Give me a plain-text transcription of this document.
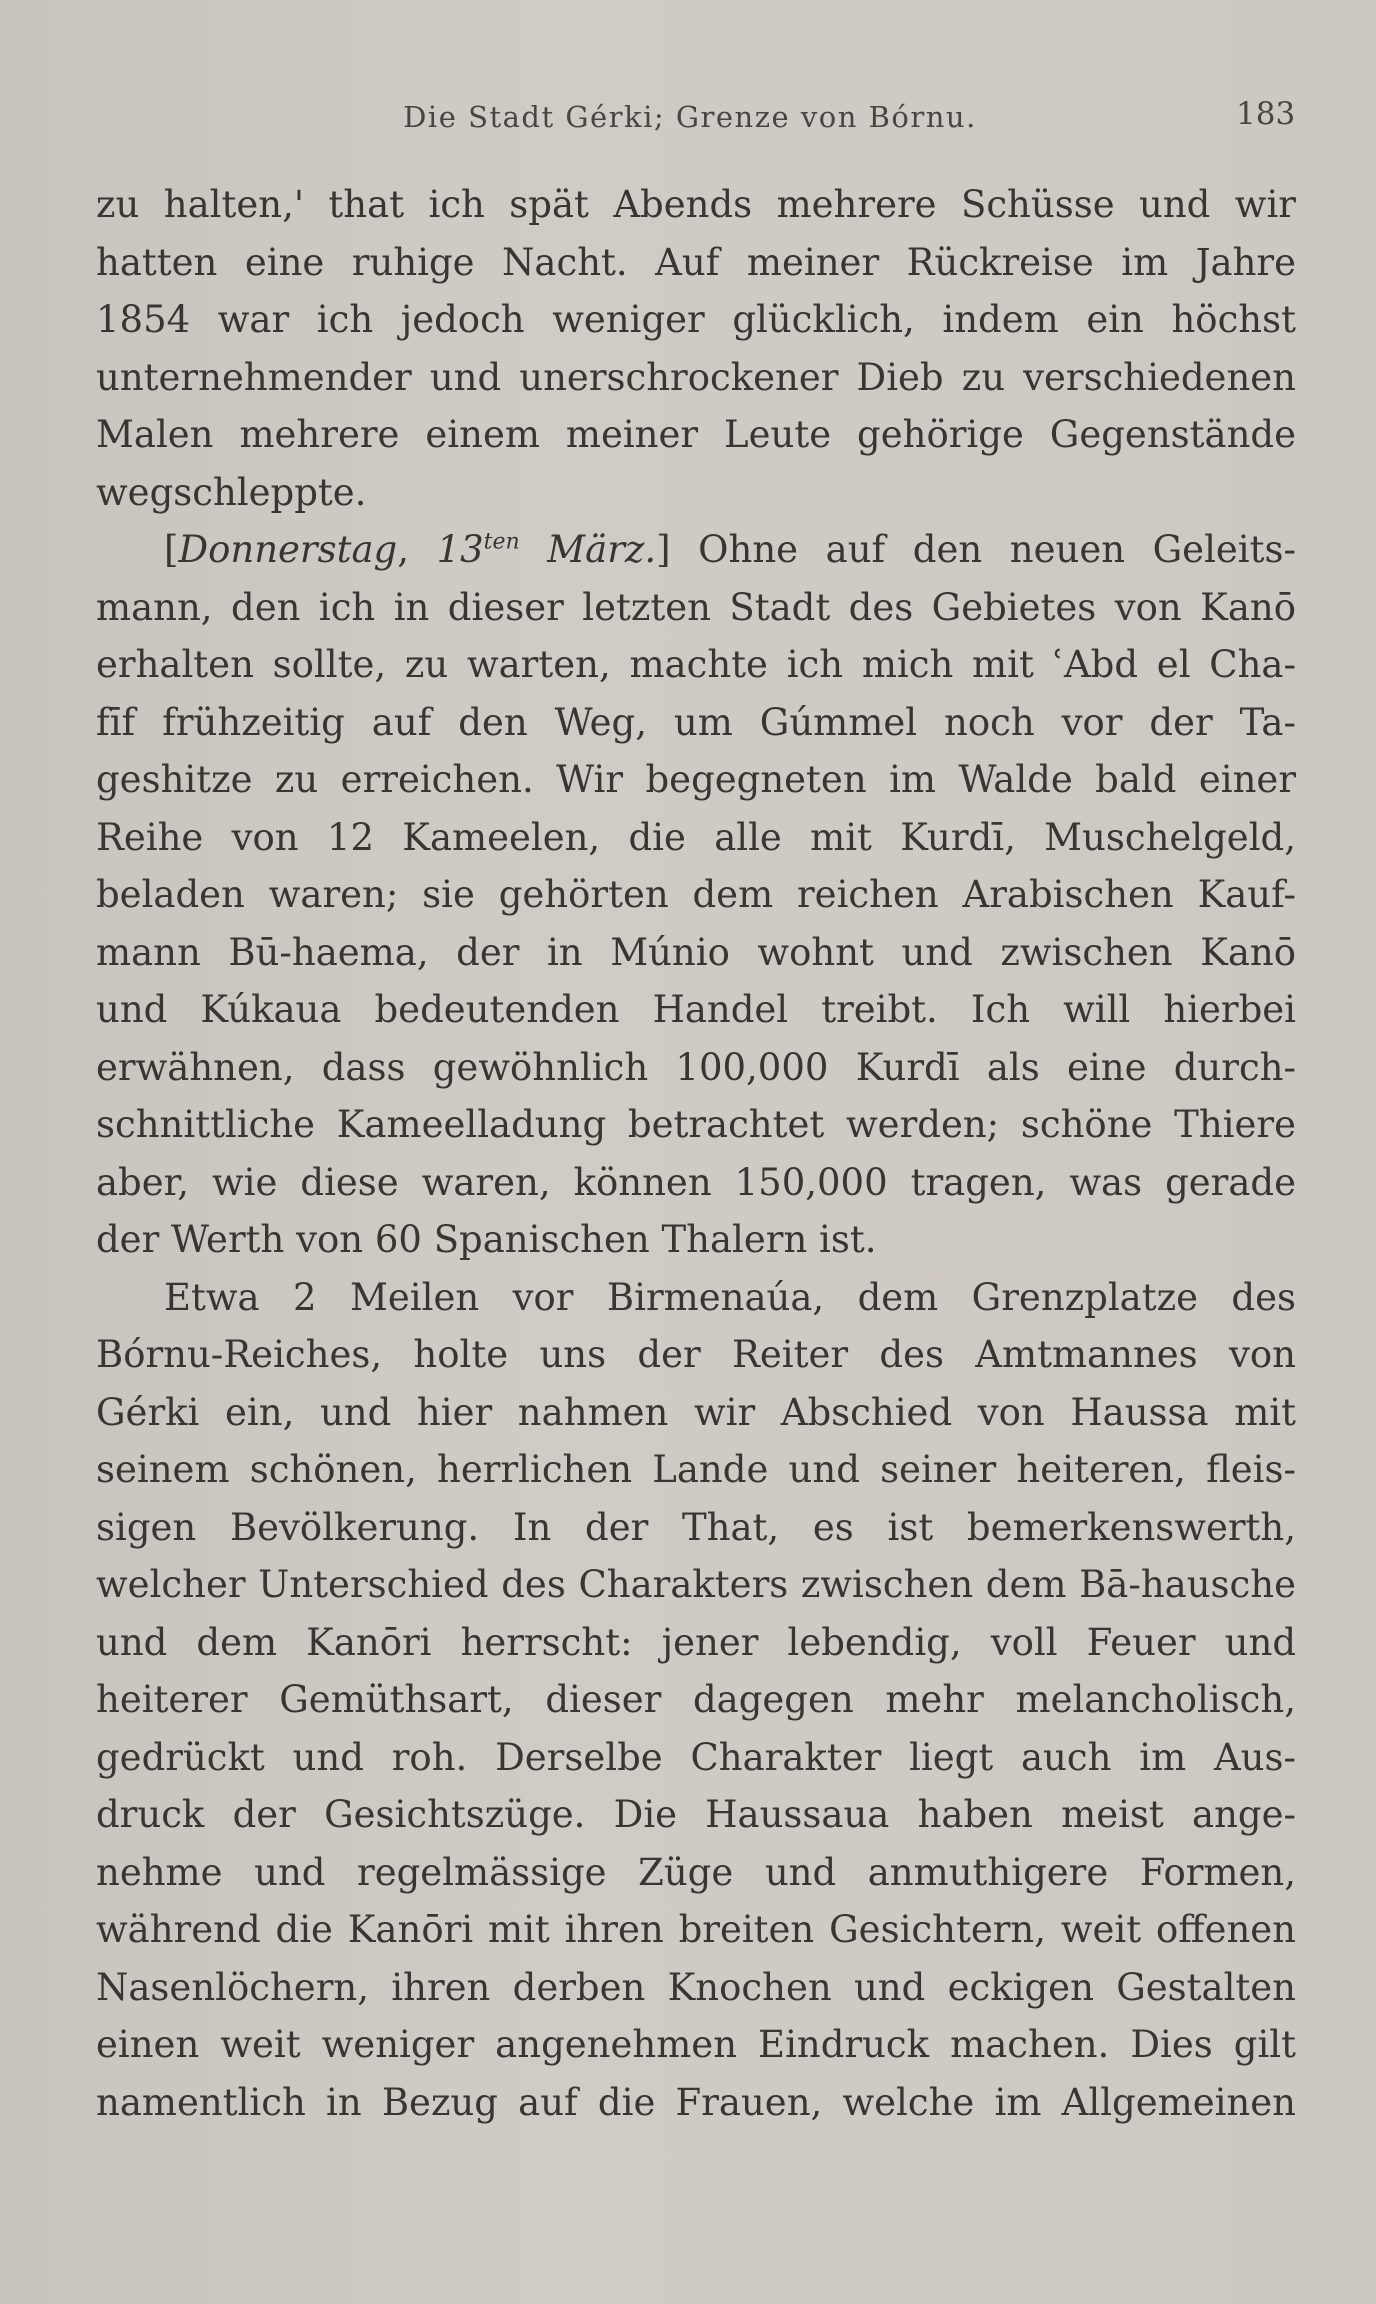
Die Stadt Gérki; Grenze von Bórnu.	183
zu halten,' that ich spät Abends mehrere Schüsse und wir
hatten eine ruhige Nacht. Auf meiner Rückreise im Jahre
1854 war ich jedoch weniger glücklich, indem ein höchst
unternehmender und unerschrockener Dieb zu verschiedenen
Malen mehrere einem meiner Leute gehörige Gegenstände
wegschleppte.
[Donnerstag, $13^{ten}$ März.] Ohne auf den neuen Geleits-
mann, den ich in dieser letzten Stadt des Gebietes von Kanō
erhalten sollte, zu warten, machte ich mich mit ʿAbd el Cha-
fīf frühzeitig auf den Weg, um Gúmmel noch vor der Ta-
geshitze zu erreichen. Wir begegneten im Walde bald einer
Reihe von 12 Kameelen, die alle mit Kurdī, Muschelgeld,
beladen waren; sie gehörten dem reichen Arabischen Kauf-
mann Bū-haema, der in Múnio wohnt und zwischen Kanō
und Kúkaua bedeutenden Handel treibt. Ich will hierbei
erwähnen, dass gewöhnlich 100,000 Kurdī als eine durch-
schnittliche Kameelladung betrachtet werden; schöne Thiere
aber, wie diese waren, können 150,000 tragen, was gerade
der Werth von 60 Spanischen Thalern ist.
Etwa 2 Meilen vor Birmenaúa, dem Grenzplatze des
Bórnu-Reiches, holte uns der Reiter des Amtmannes von
Gérki ein, und hier nahmen wir Abschied von Haussa mit
seinem schönen, herrlichen Lande und seiner heiteren, fleis-
sigen Bevölkerung. In der That, es ist bemerkenswerth,
welcher Unterschied des Charakters zwischen dem Bā-hausche
und dem Kanōri herrscht: jener lebendig, voll Feuer und
heiterer Gemüthsart, dieser dagegen mehr melancholisch,
gedrückt und roh. Derselbe Charakter liegt auch im Aus-
druck der Gesichtszüge. Die Haussaua haben meist ange-
nehme und regelmässige Züge und anmuthigere Formen,
während die Kanōri mit ihren breiten Gesichtern, weit offenen
Nasenlöchern, ihren derben Knochen und eckigen Gestalten
einen weit weniger angenehmen Eindruck machen. Dies gilt
namentlich in Bezug auf die Frauen, welche im Allgemeinen
